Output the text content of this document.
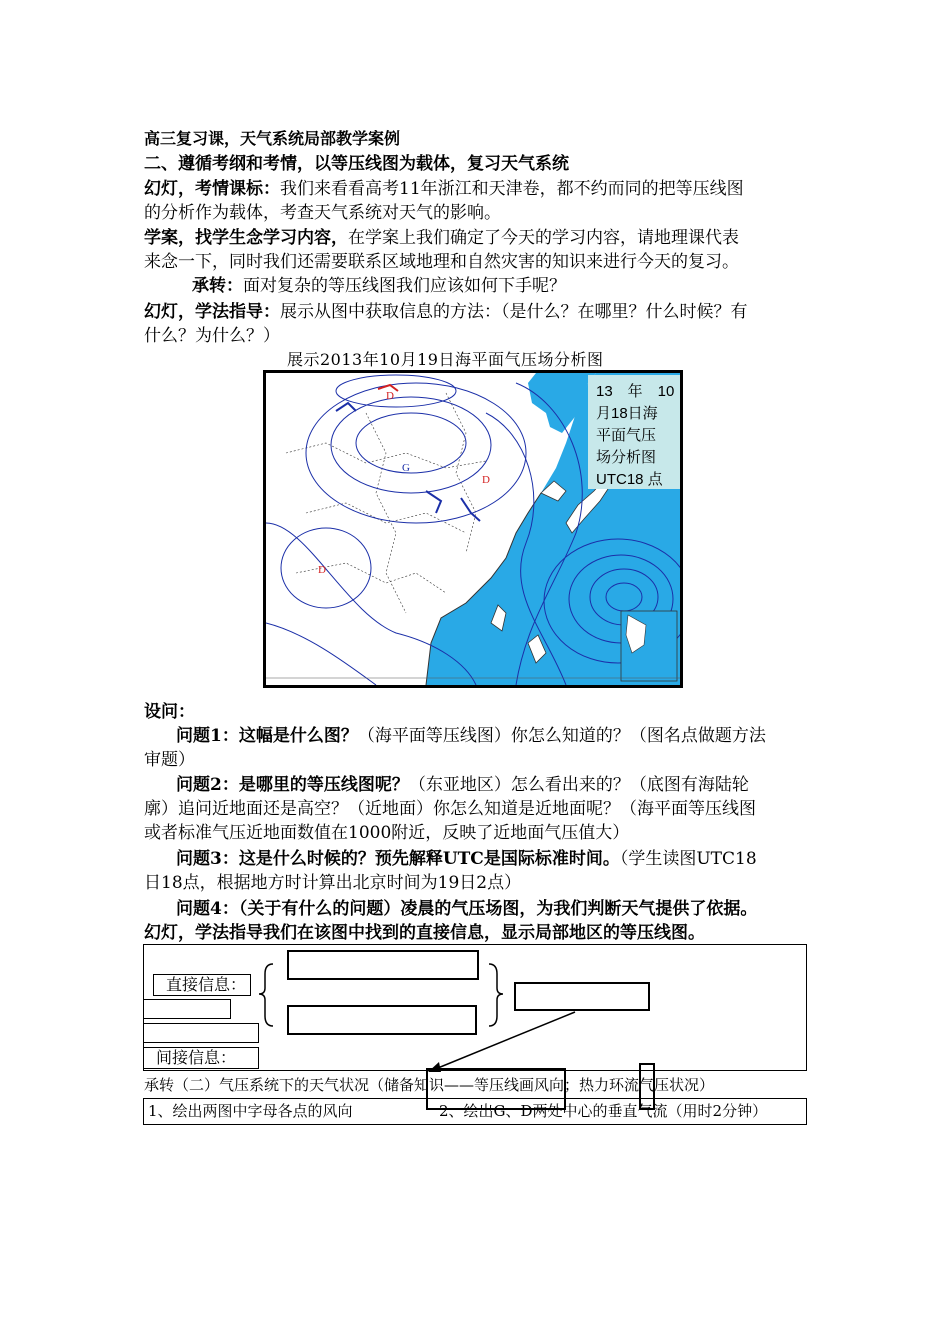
高三复习课，天气系统局部教学案例
二、遵循考纲和考情，以等压线图为载体，复习天气系统
幻灯，考情课标：我们来看看高考11年浙江和天津卷，都不约而同的把等压线图
的分析作为载体，考查天气系统对天气的影响。
学案，找学生念学习内容，在学案上我们确定了今天的学习内容，请地理课代表
来念一下，同时我们还需要联系区域地理和自然灾害的知识来进行今天的复习。
承转：面对复杂的等压线图我们应该如何下手呢？
幻灯，学法指导：展示从图中获取信息的方法：（是什么？在哪里？什么时候？有
什么？为什么？）
展示2013年10月19日海平面气压场分析图
D
G
D
D
13　年　10
月18日海
平面气压
场分析图
UTC18 点
设问：
问题1：这幅是什么图？（海平面等压线图）你怎么知道的？（图名点做题方法
审题）
问题2：是哪里的等压线图呢？（东亚地区）怎么看出来的？（底图有海陆轮
廓）追问近地面还是高空？（近地面）你怎么知道是近地面呢？（海平面等压线图
或者标准气压近地面数值在1000附近，反映了近地面气压值大）
问题3：这是什么时候的？预先解释UTC是国际标准时间。（学生读图UTC18
日18点，根据地方时计算出北京时间为19日2点）
问题4：（关于有什么的问题）凌晨的气压场图，为我们判断天气提供了依据。
幻灯，学法指导我们在该图中找到的直接信息，显示局部地区的等压线图。
直接信息：
间接信息：
承转（二）气压系统下的天气状况（储备知识——等压线画风向；热力环流气压状况）
1、绘出两图中字母各点的风向	2、绘出G、D两处中心的垂直气流（用时2分钟）
